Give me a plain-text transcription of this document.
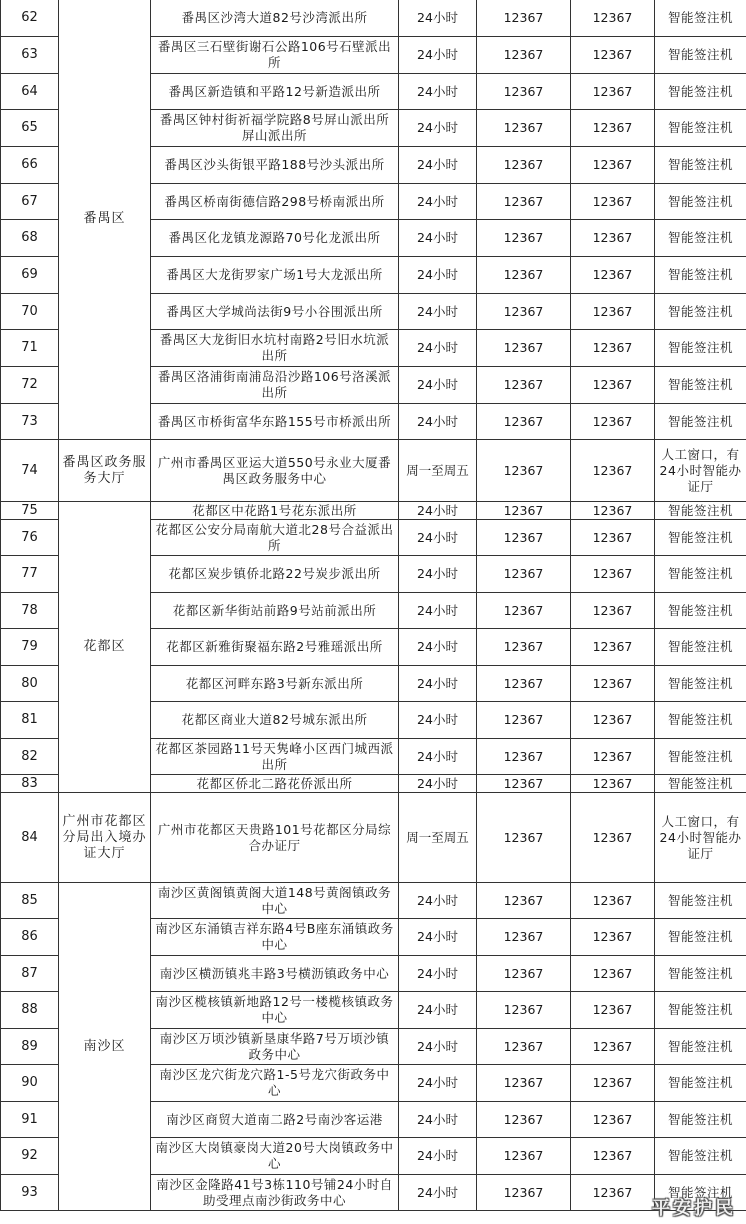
62	番禺区	番禺区沙湾大道82号沙湾派出所	24小时	12367	12367	智能签注机
63		番禺区三石壁街谢石公路106号石壁派出所	24小时	12367	12367	智能签注机
64		番禺区新造镇和平路12号新造派出所	24小时	12367	12367	智能签注机
65		番禺区钟村街祈福学院路8号屏山派出所屏山派出所	24小时	12367	12367	智能签注机
66		番禺区沙头街银平路188号沙头派出所	24小时	12367	12367	智能签注机
67		番禺区桥南街德信路298号桥南派出所	24小时	12367	12367	智能签注机
68		番禺区化龙镇龙源路70号化龙派出所	24小时	12367	12367	智能签注机
69		番禺区大龙街罗家广场1号大龙派出所	24小时	12367	12367	智能签注机
70		番禺区大学城尚法街9号小谷围派出所	24小时	12367	12367	智能签注机
71		番禺区大龙街旧水坑村南路2号旧水坑派出所	24小时	12367	12367	智能签注机
72		番禺区洛浦街南浦岛沿沙路106号洛溪派出所	24小时	12367	12367	智能签注机
73		番禺区市桥街富华东路155号市桥派出所	24小时	12367	12367	智能签注机
74	番禺区政务服务大厅	广州市番禺区亚运大道550号永业大厦番禺区政务服务中心	周一至周五	12367	12367	人工窗口，有24小时智能办证厅
75	花都区	花都区中花路1号花东派出所	24小时	12367	12367	智能签注机
76		花都区公安分局南航大道北28号合益派出所	24小时	12367	12367	智能签注机
77		花都区炭步镇侨北路22号炭步派出所	24小时	12367	12367	智能签注机
78		花都区新华街站前路9号站前派出所	24小时	12367	12367	智能签注机
79		花都区新雅街聚福东路2号雅瑶派出所	24小时	12367	12367	智能签注机
80		花都区河畔东路3号新东派出所	24小时	12367	12367	智能签注机
81		花都区商业大道82号城东派出所	24小时	12367	12367	智能签注机
82		花都区茶园路11号天隽峰小区西门城西派出所	24小时	12367	12367	智能签注机
83		花都区侨北二路花侨派出所	24小时	12367	12367	智能签注机
84	广州市花都区分局出入境办证大厅	广州市花都区天贵路101号花都区分局综合办证厅	周一至周五	12367	12367	人工窗口，有24小时智能办证厅
85	南沙区	南沙区黄阁镇黄阁大道148号黄阁镇政务中心	24小时	12367	12367	智能签注机
86		南沙区东涌镇吉祥东路4号B座东涌镇政务中心	24小时	12367	12367	智能签注机
87		南沙区横沥镇兆丰路3号横沥镇政务中心	24小时	12367	12367	智能签注机
88		南沙区榄核镇新地路12号一楼榄核镇政务中心	24小时	12367	12367	智能签注机
89		南沙区万顷沙镇新垦康华路7号万顷沙镇政务中心	24小时	12367	12367	智能签注机
90		南沙区龙穴街龙穴路1-5号龙穴街政务中心	24小时	12367	12367	智能签注机
91		南沙区商贸大道南二路2号南沙客运港	24小时	12367	12367	智能签注机
92		南沙区大岗镇豪岗大道20号大岗镇政务中心	24小时	12367	12367	智能签注机
93		南沙区金隆路41号3栋110号铺24小时自助受理点南沙街政务中心	24小时	12367	12367	智能签注机
平安护民
